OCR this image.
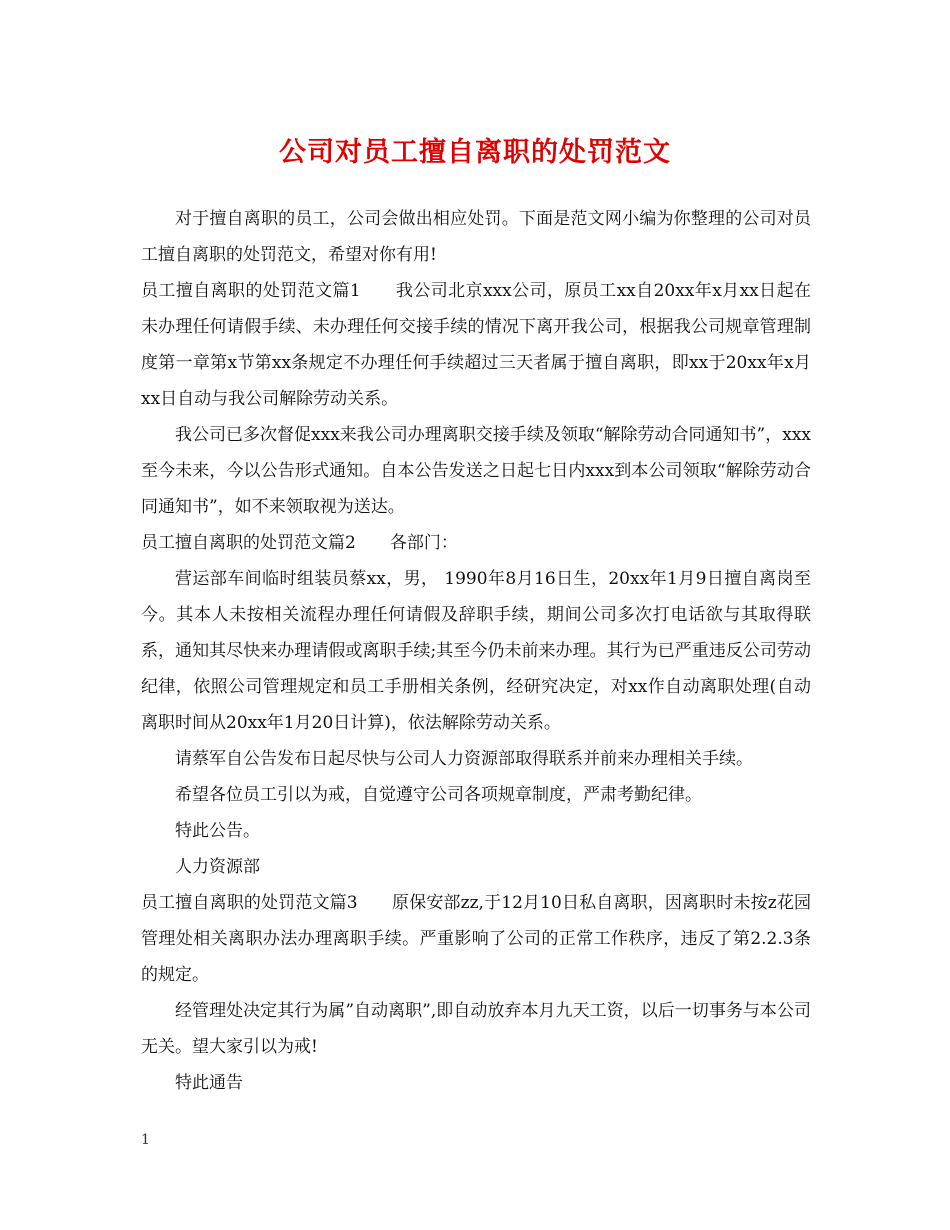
公司对员工擅自离职的处罚范文

对于擅自离职的员工，公司会做出相应处罚。下面是范文网小编为你整理的公司对员工擅自离职的处罚范文，希望对你有用!

员工擅自离职的处罚范文篇1　　我公司北京xxx公司，原员工xx自20xx年x月xx日起在未办理任何请假手续、未办理任何交接手续的情况下离开我公司，根据我公司规章管理制度第一章第x节第xx条规定不办理任何手续超过三天者属于擅自离职，即xx于20xx年x月xx日自动与我公司解除劳动关系。

我公司已多次督促xxx来我公司办理离职交接手续及领取“解除劳动合同通知书”，xxx至今未来，今以公告形式通知。自本公告发送之日起七日内xxx到本公司领取“解除劳动合同通知书”，如不来领取视为送达。

员工擅自离职的处罚范文篇2　　各部门：

营运部车间临时组装员蔡xx，男， 1990年8月16日生，20xx年1月9日擅自离岗至今。其本人未按相关流程办理任何请假及辞职手续，期间公司多次打电话欲与其取得联系，通知其尽快来办理请假或离职手续;其至今仍未前来办理。其行为已严重违反公司劳动纪律，依照公司管理规定和员工手册相关条例，经研究决定，对xx作自动离职处理(自动离职时间从20xx年1月20日计算)，依法解除劳动关系。

请蔡军自公告发布日起尽快与公司人力资源部取得联系并前来办理相关手续。

希望各位员工引以为戒，自觉遵守公司各项规章制度，严肃考勤纪律。

特此公告。

人力资源部

员工擅自离职的处罚范文篇3　　原保安部zz,于12月10日私自离职，因离职时未按z花园管理处相关离职办法办理离职手续。严重影响了公司的正常工作秩序，违反了第2.2.3条的规定。

经管理处决定其行为属”自动离职”,即自动放弃本月九天工资，以后一切事务与本公司无关。望大家引以为戒!

特此通告

1
